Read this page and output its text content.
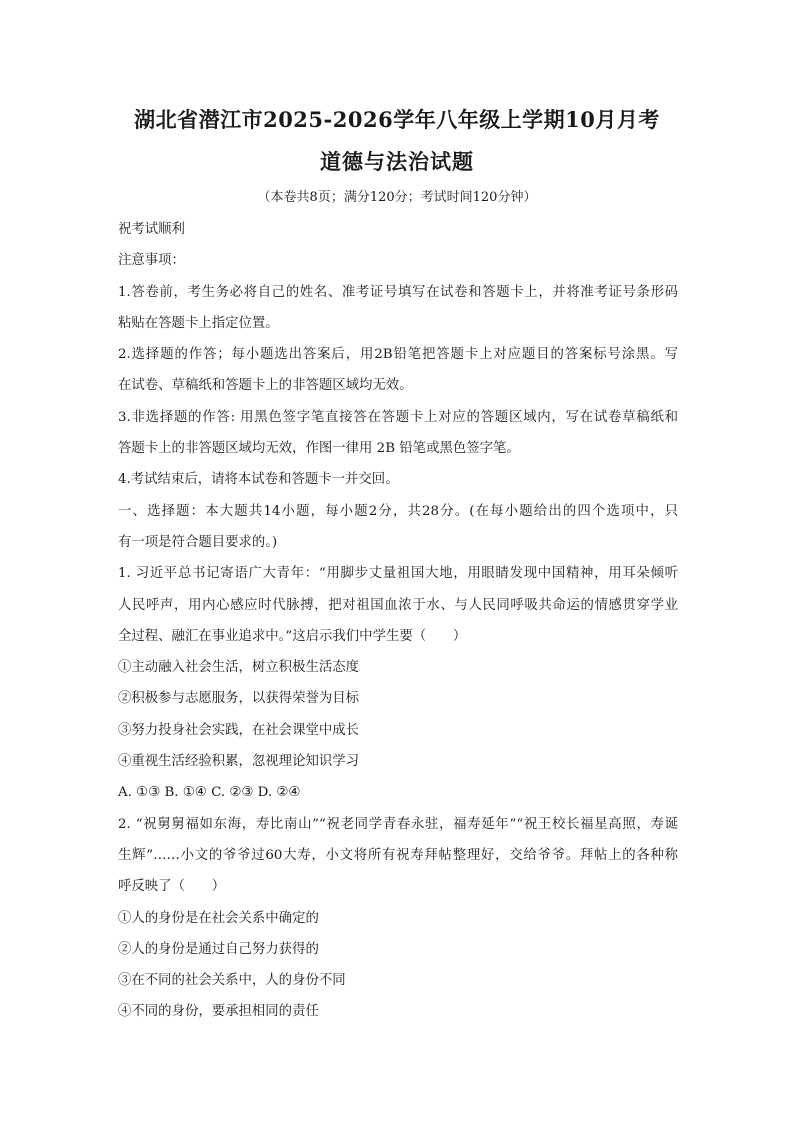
湖北省潜江市2025-2026学年八年级上学期10月月考
道德与法治试题
（本卷共8页；满分120分；考试时间120分钟）
祝考试顺利
注意事项：
1.答卷前，考生务必将自己的姓名、准考证号填写在试卷和答题卡上，并将准考证号条形码
粘贴在答题卡上指定位置。
2.选择题的作答；每小题选出答案后，用2B铅笔把答题卡上对应题目的答案标号涂黑。写
在试卷、草稿纸和答题卡上的非答题区域均无效。
3.非选择题的作答: 用黑色签字笔直接答在答题卡上对应的答题区域内，写在试卷草稿纸和
答题卡上的非答题区域均无效，作图一律用 2B 铅笔或黑色签字笔。
4.考试结束后，请将本试卷和答题卡一并交回。
一、选择题：本大题共14小题，每小题2分，共28分。(在每小题给出的四个选项中，只
有一项是符合题目要求的。)
1. 习近平总书记寄语广大青年：“用脚步丈量祖国大地，用眼睛发现中国精神，用耳朵倾听
人民呼声，用内心感应时代脉搏，把对祖国血浓于水、与人民同呼吸共命运的情感贯穿学业
全过程、融汇在事业追求中。”这启示我们中学生要（　　）
①主动融入社会生活，树立积极生活态度
②积极参与志愿服务，以获得荣誉为目标
③努力投身社会实践，在社会课堂中成长
④重视生活经验积累，忽视理论知识学习
A. ①③ B. ①④ C. ②③ D. ②④
2. “祝舅舅福如东海，寿比南山”“祝老同学青春永驻，福寿延年”“祝王校长福星高照，寿诞
生辉”……小文的爷爷过60大寿，小文将所有祝寿拜帖整理好，交给爷爷。拜帖上的各种称
呼反映了（　　）
①人的身份是在社会关系中确定的
②人的身份是通过自己努力获得的
③在不同的社会关系中，人的身份不同
④不同的身份，要承担相同的责任
